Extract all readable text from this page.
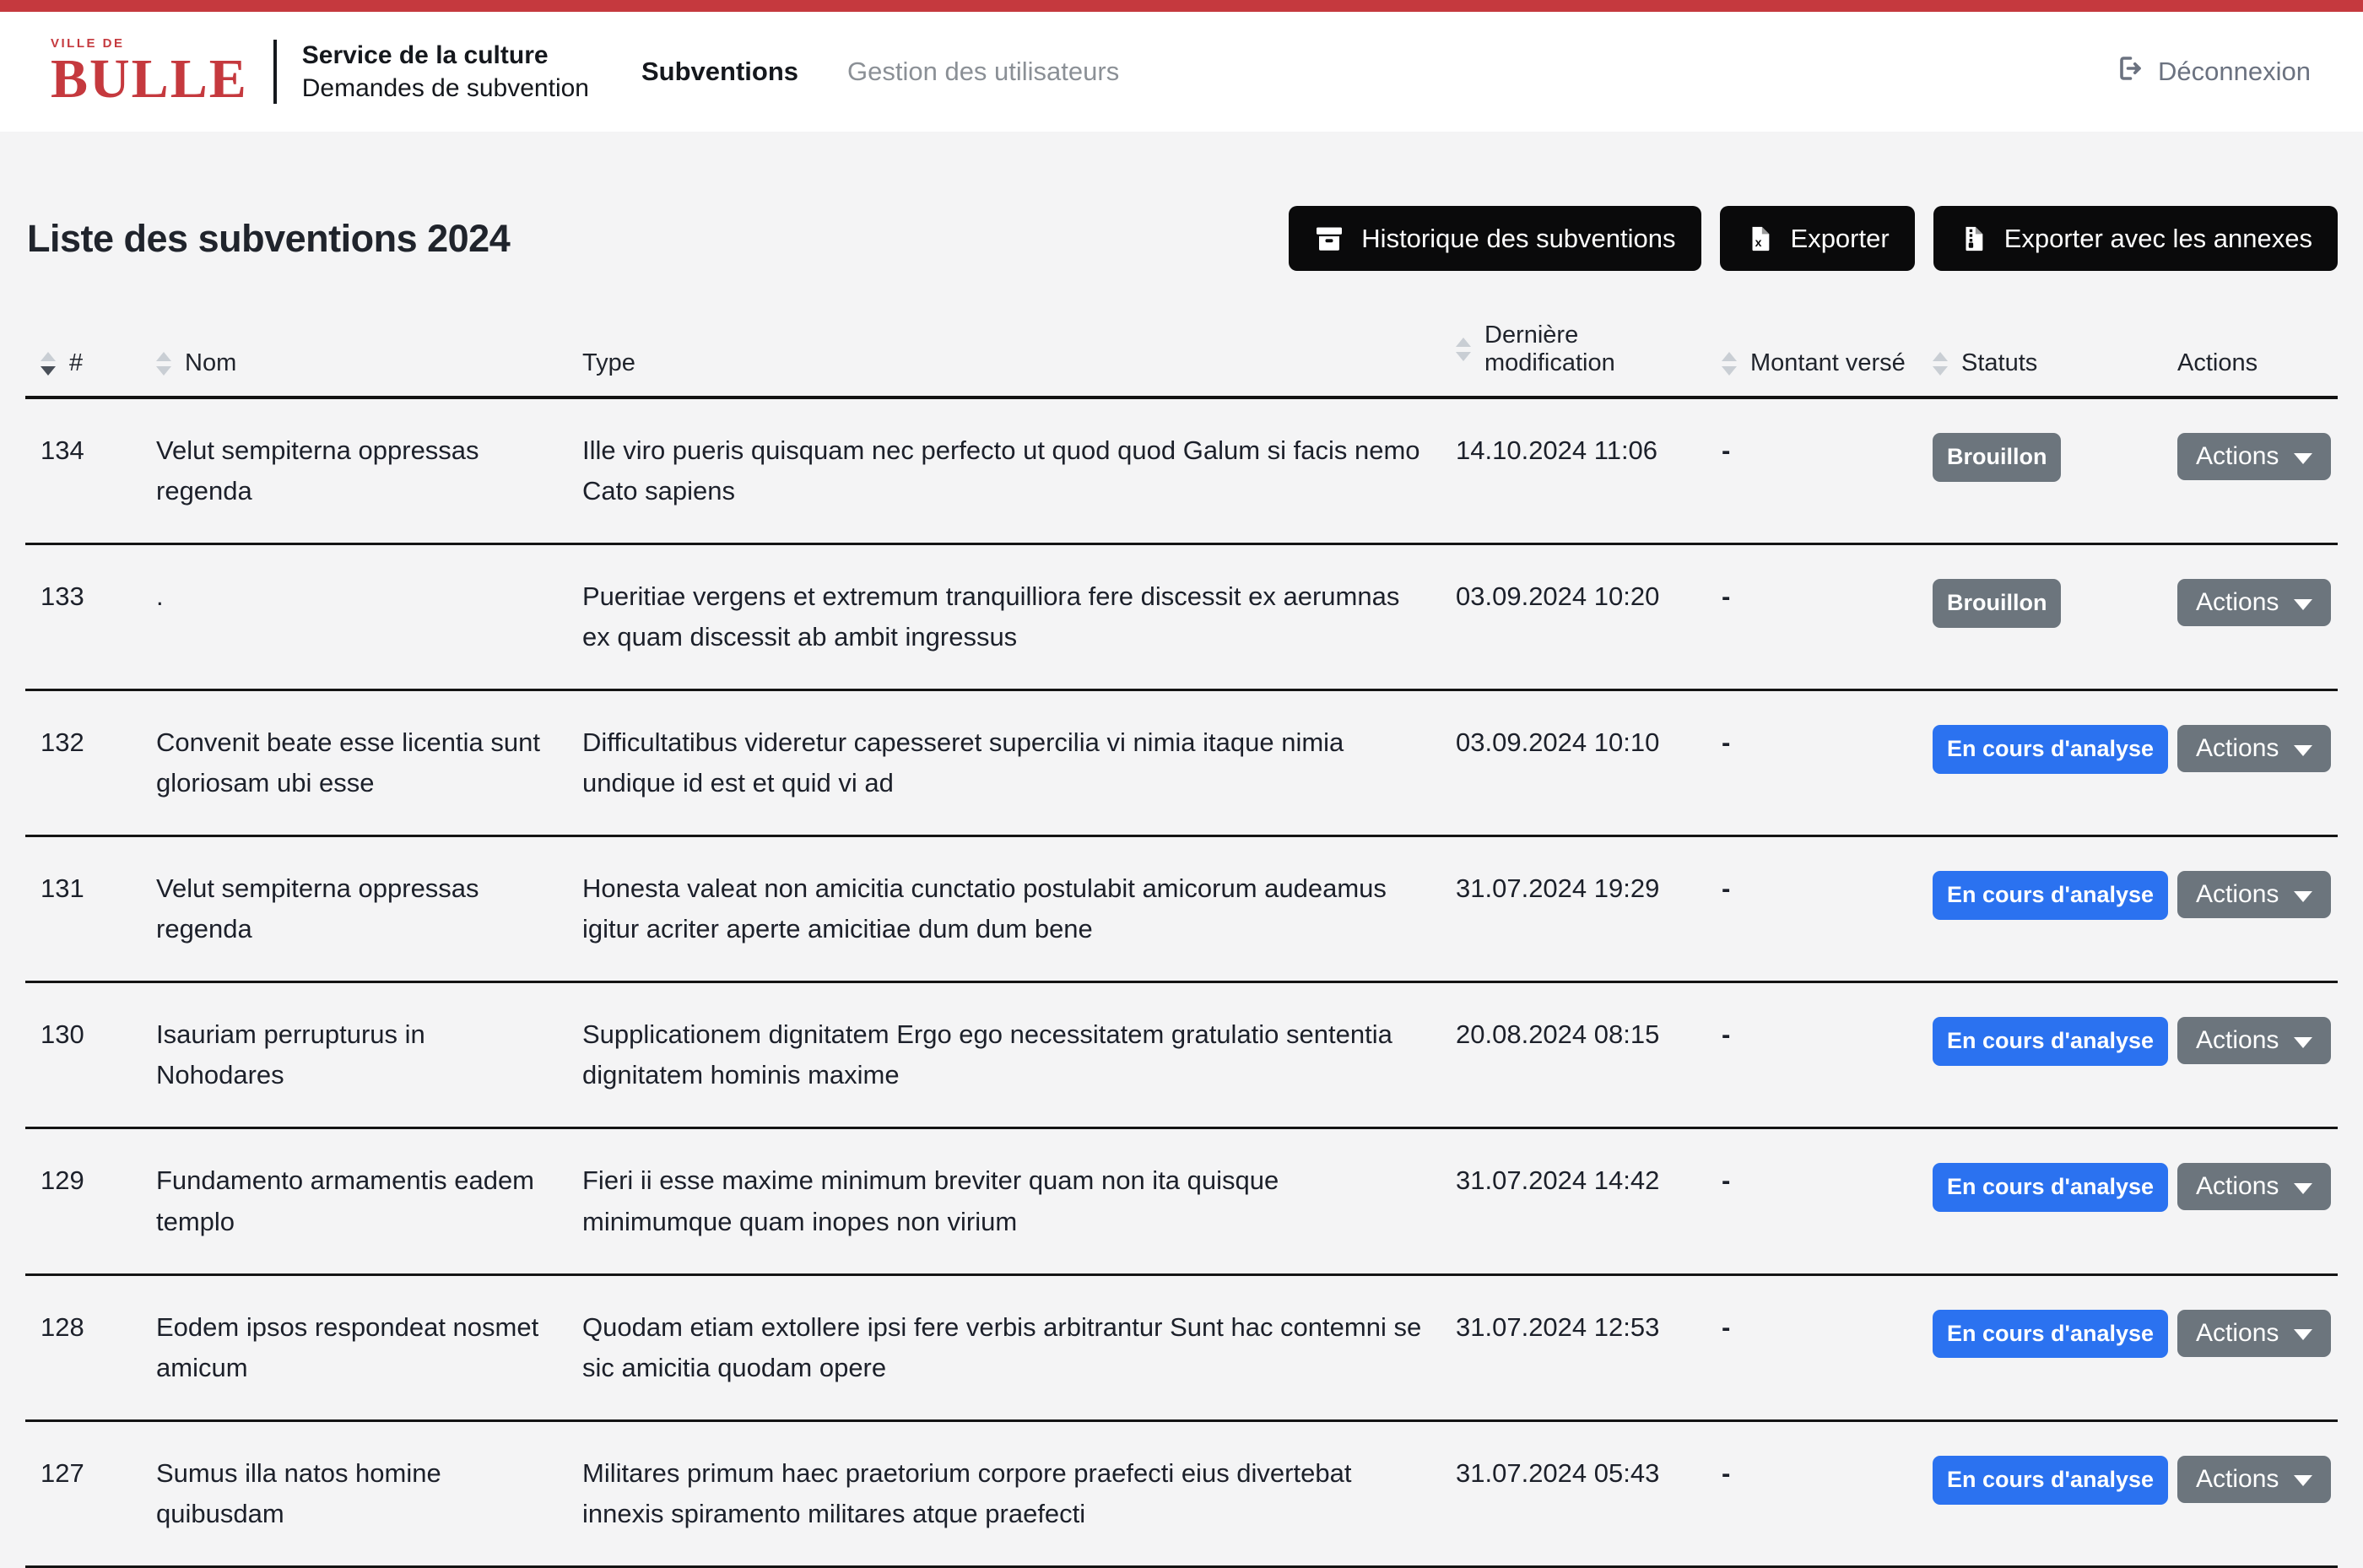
VILLE DE
BULLE Service de la culture
Demandes de subvention
Subventions Gestion des utilisateurs	Déconnexion
Liste des subventions 2024	Historique des subventions	x Exporter	Exporter avec les annexes
#	Nom	Type	Dernière modification	Montant versé	Statuts	Actions

134	Velut sempiterna oppressas regenda	Ille viro pueris quisquam nec perfecto ut quod quod Galum si facis nemo Cato sapiens	14.10.2024 11:06	-	Brouillon	Actions

133	.	Pueritiae vergens et extremum tranquilliora fere discessit ex aerumnas ex quam discessit ab ambit ingressus	03.09.2024 10:20	-	Brouillon	Actions

132	Convenit beate esse licentia sunt gloriosam ubi esse	Difficultatibus videretur capesseret supercilia vi nimia itaque nimia undique id est et quid vi ad	03.09.2024 10:10	-	En cours d'analyse	Actions

131	Velut sempiterna oppressas regenda	Honesta valeat non amicitia cunctatio postulabit amicorum audeamus igitur acriter aperte amicitiae dum dum bene	31.07.2024 19:29	-	En cours d'analyse	Actions

130	Isauriam perrupturus in Nohodares	Supplicationem dignitatem Ergo ego necessitatem gratulatio sententia dignitatem hominis maxime	20.08.2024 08:15	-	En cours d'analyse	Actions

129	Fundamento armamentis eadem templo	Fieri ii esse maxime minimum breviter quam non ita quisque minimumque quam inopes non virium	31.07.2024 14:42	-	En cours d'analyse	Actions

128	Eodem ipsos respondeat nosmet amicum	Quodam etiam extollere ipsi fere verbis arbitrantur Sunt hac contemni se sic amicitia quodam opere	31.07.2024 12:53	-	En cours d'analyse	Actions

127	Sumus illa natos homine quibusdam	Militares primum haec praetorium corpore praefecti eius divertebat innexis spiramento militares atque praefecti	31.07.2024 05:43	-	En cours d'analyse	Actions
